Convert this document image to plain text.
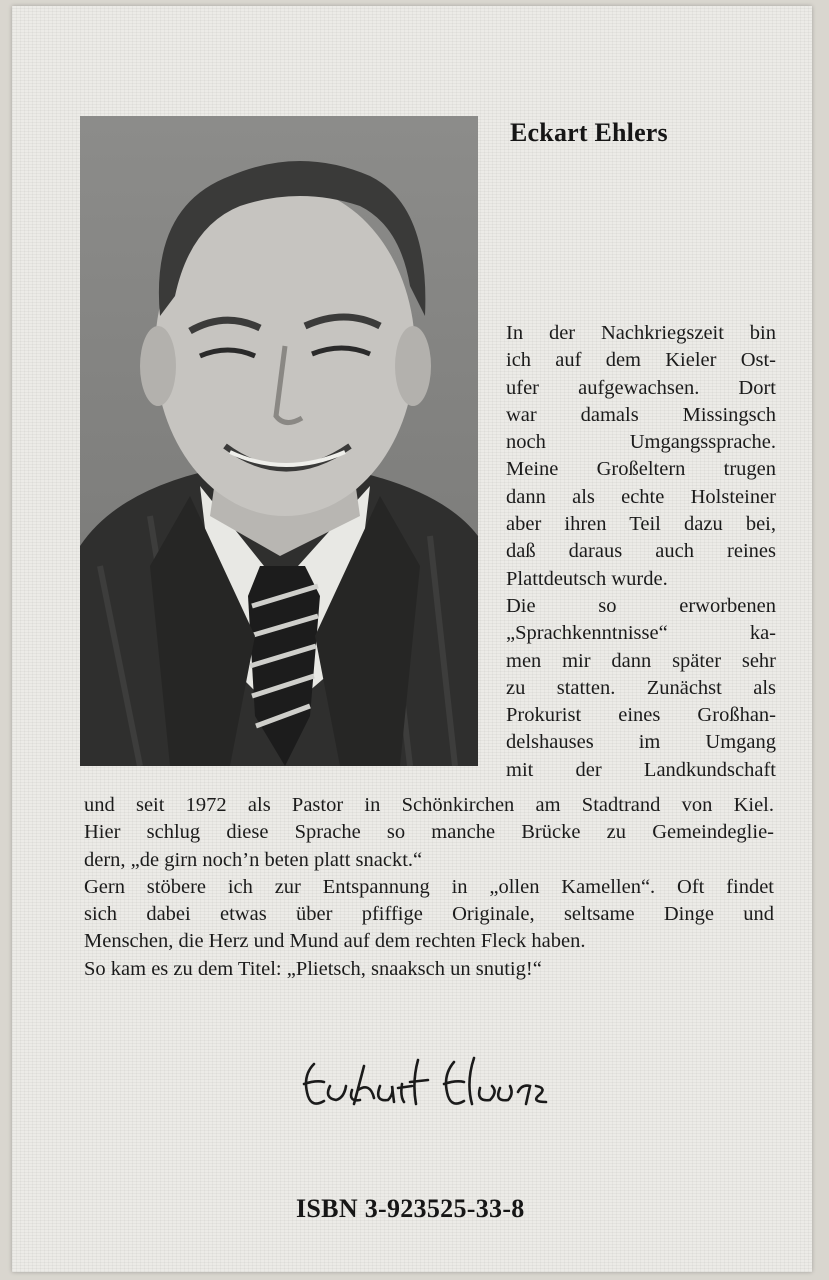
Eckart Ehlers
In der Nachkriegszeit bin
ich auf dem Kieler Ost-
ufer aufgewachsen. Dort
war damals Missingsch
noch Umgangssprache.
Meine Großeltern trugen
dann als echte Holsteiner
aber ihren Teil dazu bei,
daß daraus auch reines
Plattdeutsch wurde.
Die so erworbenen
„Sprachkenntnisse“ ka-
men mir dann später sehr
zu statten. Zunächst als
Prokurist eines Großhan-
delshauses im Umgang
mit der Landkundschaft
und seit 1972 als Pastor in Schönkirchen am Stadtrand von Kiel.
Hier schlug diese Sprache so manche Brücke zu Gemeindeglie-
dern, „de girn noch’n beten platt snackt.“
Gern stöbere ich zur Entspannung in „ollen Kamellen“. Oft findet
sich dabei etwas über pfiffige Originale, seltsame Dinge und
Menschen, die Herz und Mund auf dem rechten Fleck haben.
So kam es zu dem Titel: „Plietsch, snaaksch un snutig!“
ISBN 3-923525-33-8
